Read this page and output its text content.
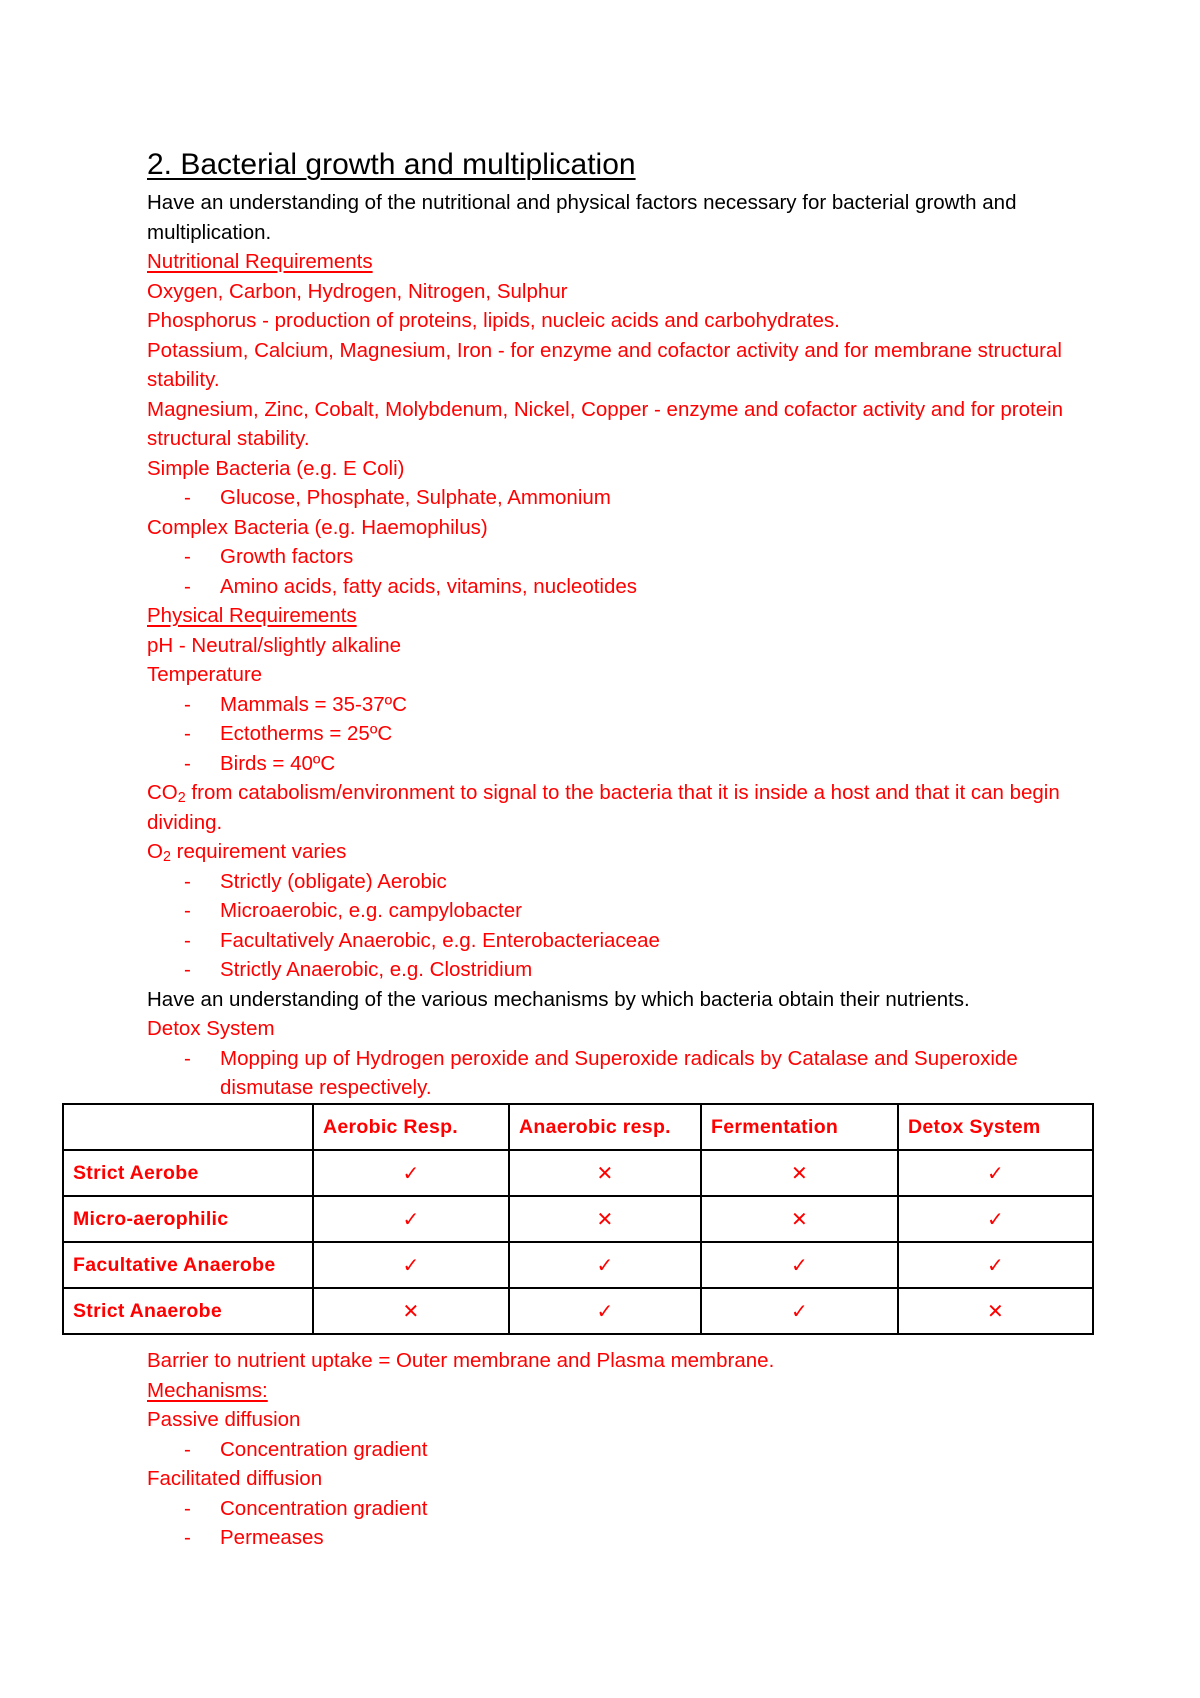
2. Bacterial growth and multiplication

Have an understanding of the nutritional and physical factors necessary for bacterial growth and multiplication.

Nutritional Requirements

Oxygen, Carbon, Hydrogen, Nitrogen, Sulphur

Phosphorus - production of proteins, lipids, nucleic acids and carbohydrates.

Potassium, Calcium, Magnesium, Iron - for enzyme and cofactor activity and for membrane structural stability.

Magnesium, Zinc, Cobalt, Molybdenum, Nickel, Copper - enzyme and cofactor activity and for protein structural stability.

Simple Bacteria (e.g. E Coli)

- Glucose, Phosphate, Sulphate, Ammonium

Complex Bacteria (e.g. Haemophilus)

- Growth factors

- Amino acids, fatty acids, vitamins, nucleotides

Physical Requirements

pH - Neutral/slightly alkaline

Temperature

- Mammals = 35-37ºC

- Ectotherms = 25ºC

- Birds = 40ºC

$CO_2$ from catabolism/environment to signal to the bacteria that it is inside a host and that it can begin dividing.

$O_2$ requirement varies

- Strictly (obligate) Aerobic

- Microaerobic, e.g. campylobacter

- Facultatively Anaerobic, e.g. Enterobacteriaceae

- Strictly Anaerobic, e.g. Clostridium

Have an understanding of the various mechanisms by which bacteria obtain their nutrients.

Detox System

- Mopping up of Hydrogen peroxide and Superoxide radicals by Catalase and Superoxide dismutase respectively.

	Aerobic Resp.	Anaerobic resp.	Fermentation	Detox System
Strict Aerobe	✓	✕	✕	✓
Micro-aerophilic	✓	✕	✕	✓
Facultative Anaerobe	✓	✓	✓	✓
Strict Anaerobe	✕	✓	✓	✕

Barrier to nutrient uptake = Outer membrane and Plasma membrane.

Mechanisms:

Passive diffusion

- Concentration gradient

Facilitated diffusion

- Concentration gradient

- Permeases
